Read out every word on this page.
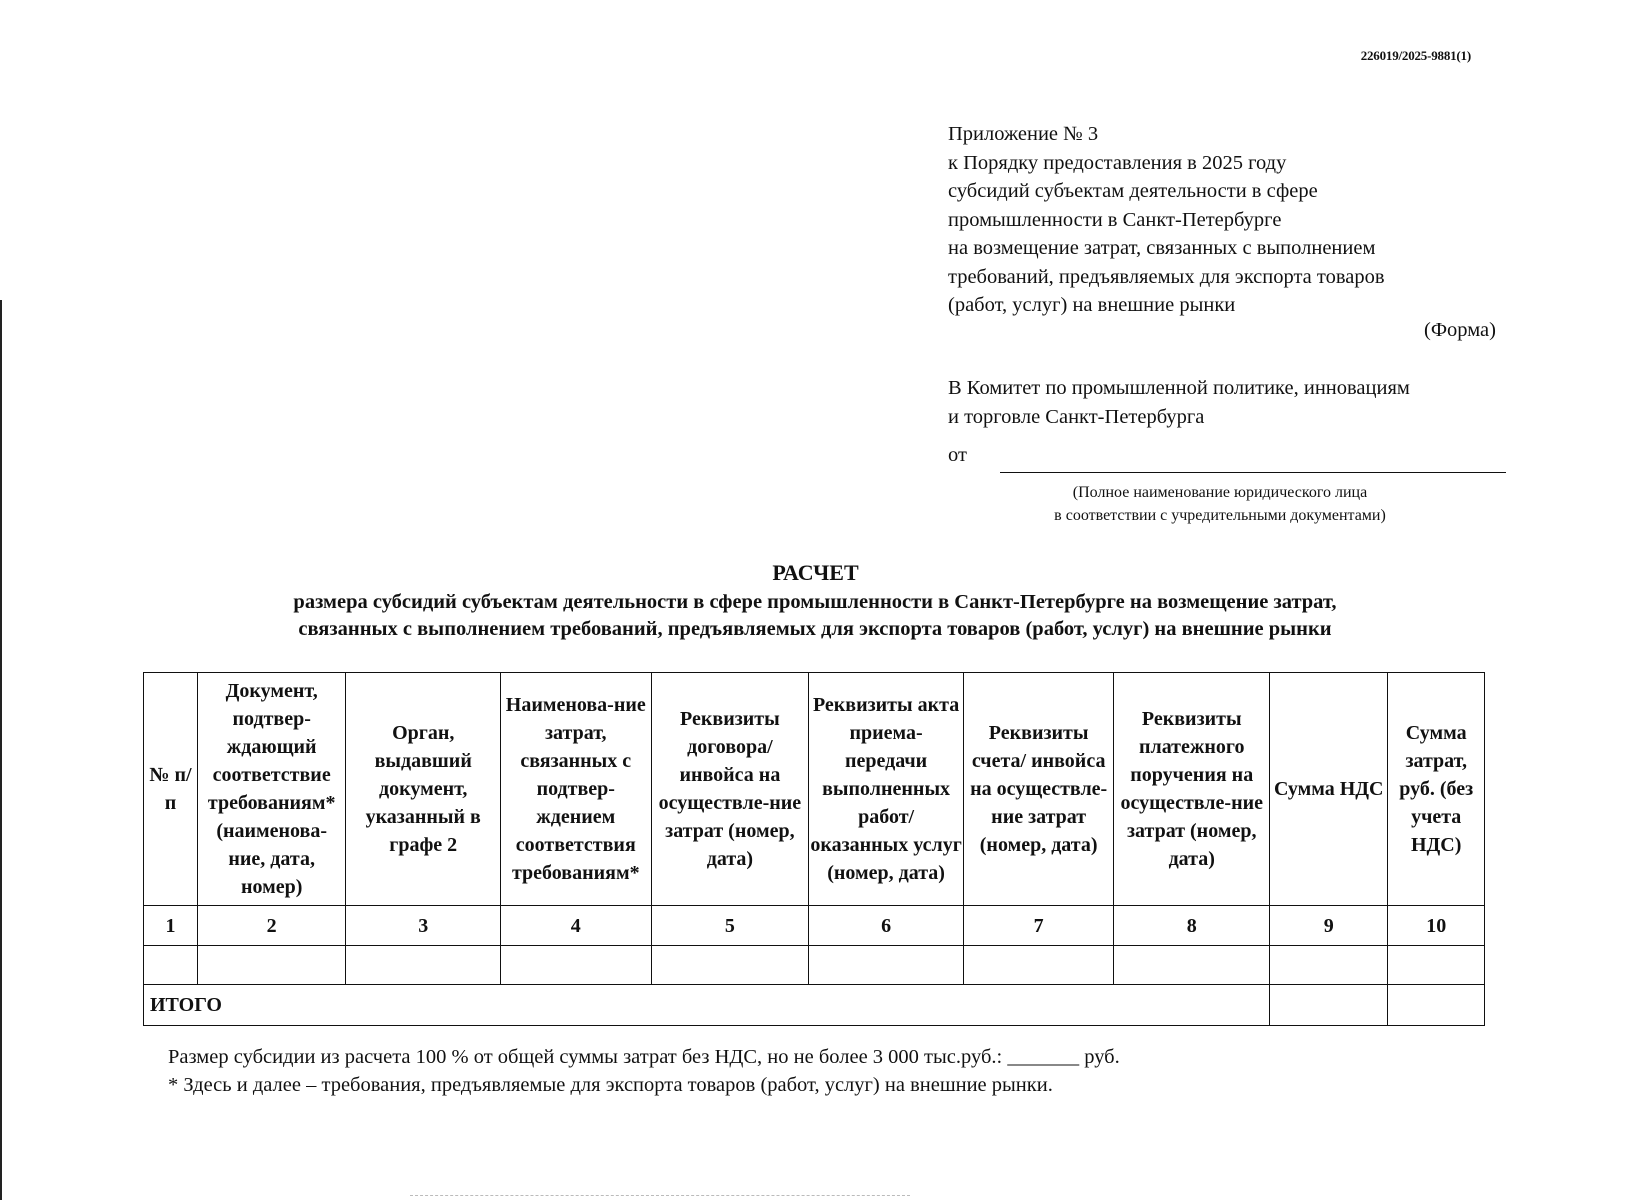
226019/2025-9881(1)
Приложение № 3
к Порядку предоставления в 2025 году
субсидий субъектам деятельности в сфере
промышленности в Санкт-Петербурге
на возмещение затрат, связанных с выполнением
требований, предъявляемых для экспорта товаров
(работ, услуг) на внешние рынки
(Форма)
В Комитет по промышленной политике, инновациям
и торговле Санкт-Петербурга
от
(Полное наименование юридического лица
в соответствии с учредительными документами)
РАСЧЕТ
размера субсидий субъектам деятельности в сфере промышленности в Санкт-Петербурге на возмещение затрат,
связанных с выполнением требований, предъявляемых для экспорта товаров (работ, услуг) на внешние рынки
№ п/п	Документ, подтвер-ждающий соответствие требованиям* (наименова-ние, дата, номер)	Орган, выдавший документ, указанный в графе 2	Наименова-ние затрат, связанных с подтвер-ждением соответствия требованиям*	Реквизиты договора/ инвойса на осуществле-ние затрат (номер, дата)	Реквизиты акта приема-передачи выполненных работ/ оказанных услуг (номер, дата)	Реквизиты счета/ инвойса на осуществле-ние затрат (номер, дата)	Реквизиты платежного поручения на осуществле-ние затрат (номер, дата)	Сумма НДС	Сумма затрат, руб. (без учета НДС)
1	2	3	4	5	6	7	8	9	10

ИТОГО									
Размер субсидии из расчета 100 % от общей суммы затрат без НДС, но не более 3 000 тыс.руб.: _______ руб.
* Здесь и далее – требования, предъявляемые для экспорта товаров (работ, услуг) на внешние рынки.
